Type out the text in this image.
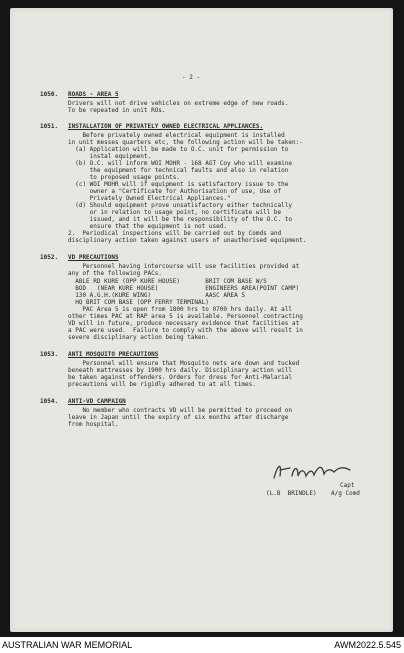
- 2 -
1050. ROADS - AREA 5
Drivers will not drive vehicles on extreme edge of new roads.
To be repeated in unit ROs.
1051. INSTALLATION OF PRIVATELY OWNED ELECTRICAL APPLIANCES.
Before privately owned electrical equipment is installed
in unit messes quarters etc, the following action will be taken:-
(a) Application will be made to O.C. unit for permission to
instal equipment.
(b) O.C. will inform WOI MOHR - 168 AGT Coy who will examine
the equipment for technical faults and also in relation
to proposed usage points.
(c) WOI MOHR will if equipment is satisfactory issue to the
owner a "Certificate for Authorisation of use, Use of
Privately Owned Electrical Appliances."
(d) Should equipment prove unsatisfactory either technically
or in relation to usage point, no certificate will be
issued, and it will be the responsibility of the O.C. to
ensure that the equipment is not used.
2.  Periodical inspections will be carried out by Comds and
disciplinary action taken against users of unauthorised equipment.
1052. VD PRECAUTIONS
Personnel having intercourse will use facilities provided at
any of the following PACs.
ABLE RD KURE (OPP KURE HOUSE)       BRIT COM BASE W/S
BOD   (NEAR KURE HOUSE)             ENGINEERS AREA(POINT CAMP)
130 A.G.H.(KURE WING)               AASC AREA 5
HQ BRIT COM BASE (OPP FERRY TERMINAL)
PAC Area 5 is open from 1800 hrs to 0700 hrs daily. At all
other times PAC at RAP area 5 is available. Personnel contracting
VD will in future, produce necessary evidence that facilities at
a PAC were used.  Failure to comply with the above will result in
severe disciplinary action being taken.
1053. ANTI MOSQUITO PRECAUTIONS
Personnel will ensure that Mosquito nets are down and tucked
beneath mattresses by 1900 hrs daily. Disciplinary action will
be taken against offenders. Orders for dress for Anti-Malarial
precautions will be rigidly adhered to at all times.
1054. ANTI-VD CAMPAIGN
No member who contracts VD will be permitted to proceed on
leave in Japan until the expiry of six months after discharge
from hospital.
Capt
(L.B  BRINDLE)    A/g Comd
AUSTRALIAN WAR MEMORIAL	AWM2022.5.545
